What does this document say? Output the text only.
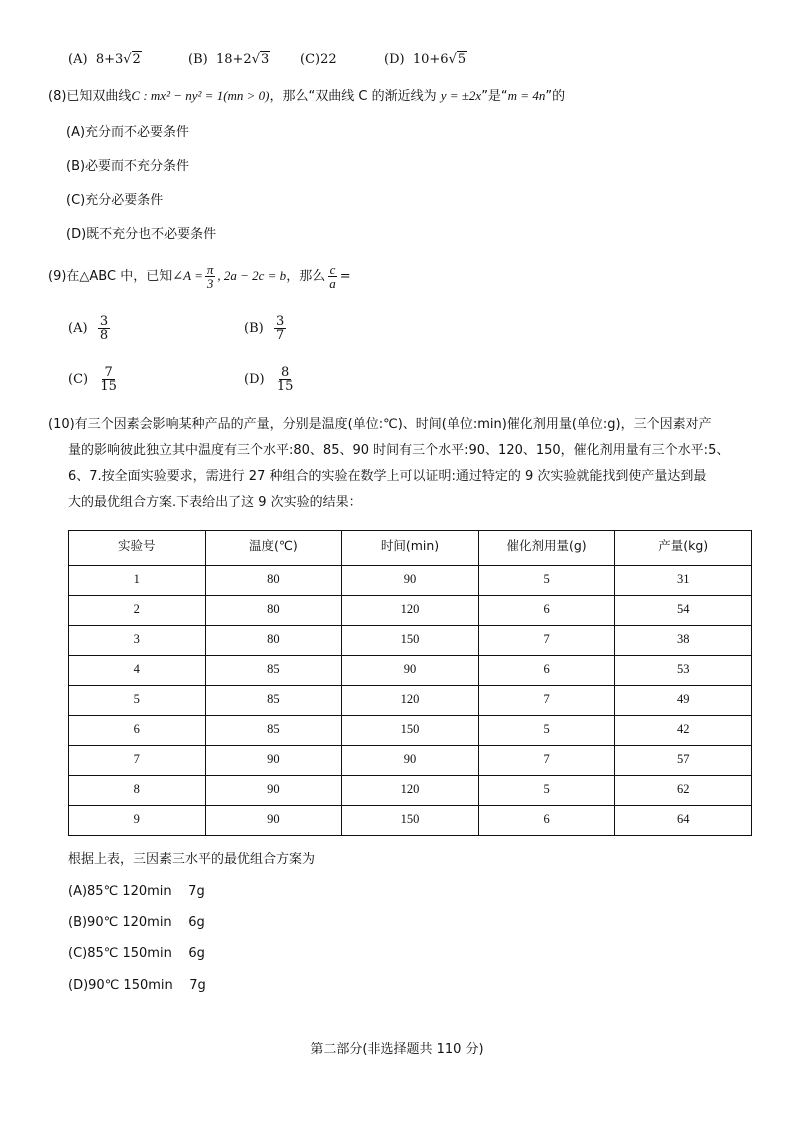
(A) 8+3√2	(B) 18+2√3 (C)22	(D) 10+6√5
(8)已知双曲线C : mx² − ny² = 1(mn > 0)，那么“双曲线 C 的渐近线为 y = ±2x”是“m = 4n”的
(A)充分而不必要条件
(B)必要而不充分条件
(C)充分必要条件
(D)既不充分也不必要条件
(9)在△ABC 中，已知∠A = $\frac{\pi}{3}$ , 2a − 2c = b，那么 $\frac{c}{a}$ =
$(A) \frac{3}{8}$	$(B) \frac{3}{7}$
$(C) \frac{7}{15}$	$(D) \frac{8}{15}$
(10)有三个因素会影响某种产品的产量，分别是温度(单位:℃)、时间(单位:min)催化剂用量(单位:g)，三个因素对产
量的影响彼此独立其中温度有三个水平:80、85、90 时间有三个水平:90、120、150，催化剂用量有三个水平:5、
6、7.按全面实验要求，需进行 27 种组合的实验在数学上可以证明:通过特定的 9 次实验就能找到使产量达到最
大的最优组合方案.下表给出了这 9 次实验的结果：
实验号	温度(℃)	时间(min)	催化剂用量(g)	产量(kg)
1	80	90	5	31
2	80	120	6	54
3	80	150	7	38
4	85	90	6	53
5	85	120	7	49
6	85	150	5	42
7	90	90	7	57
8	90	120	5	62
9	90	150	6	64
根据上表，三因素三水平的最优组合方案为
(A)85℃ 120min    7g
(B)90℃ 120min    6g
(C)85℃ 150min    6g
(D)90℃ 150min    7g
第二部分(非选择题共 110 分)
